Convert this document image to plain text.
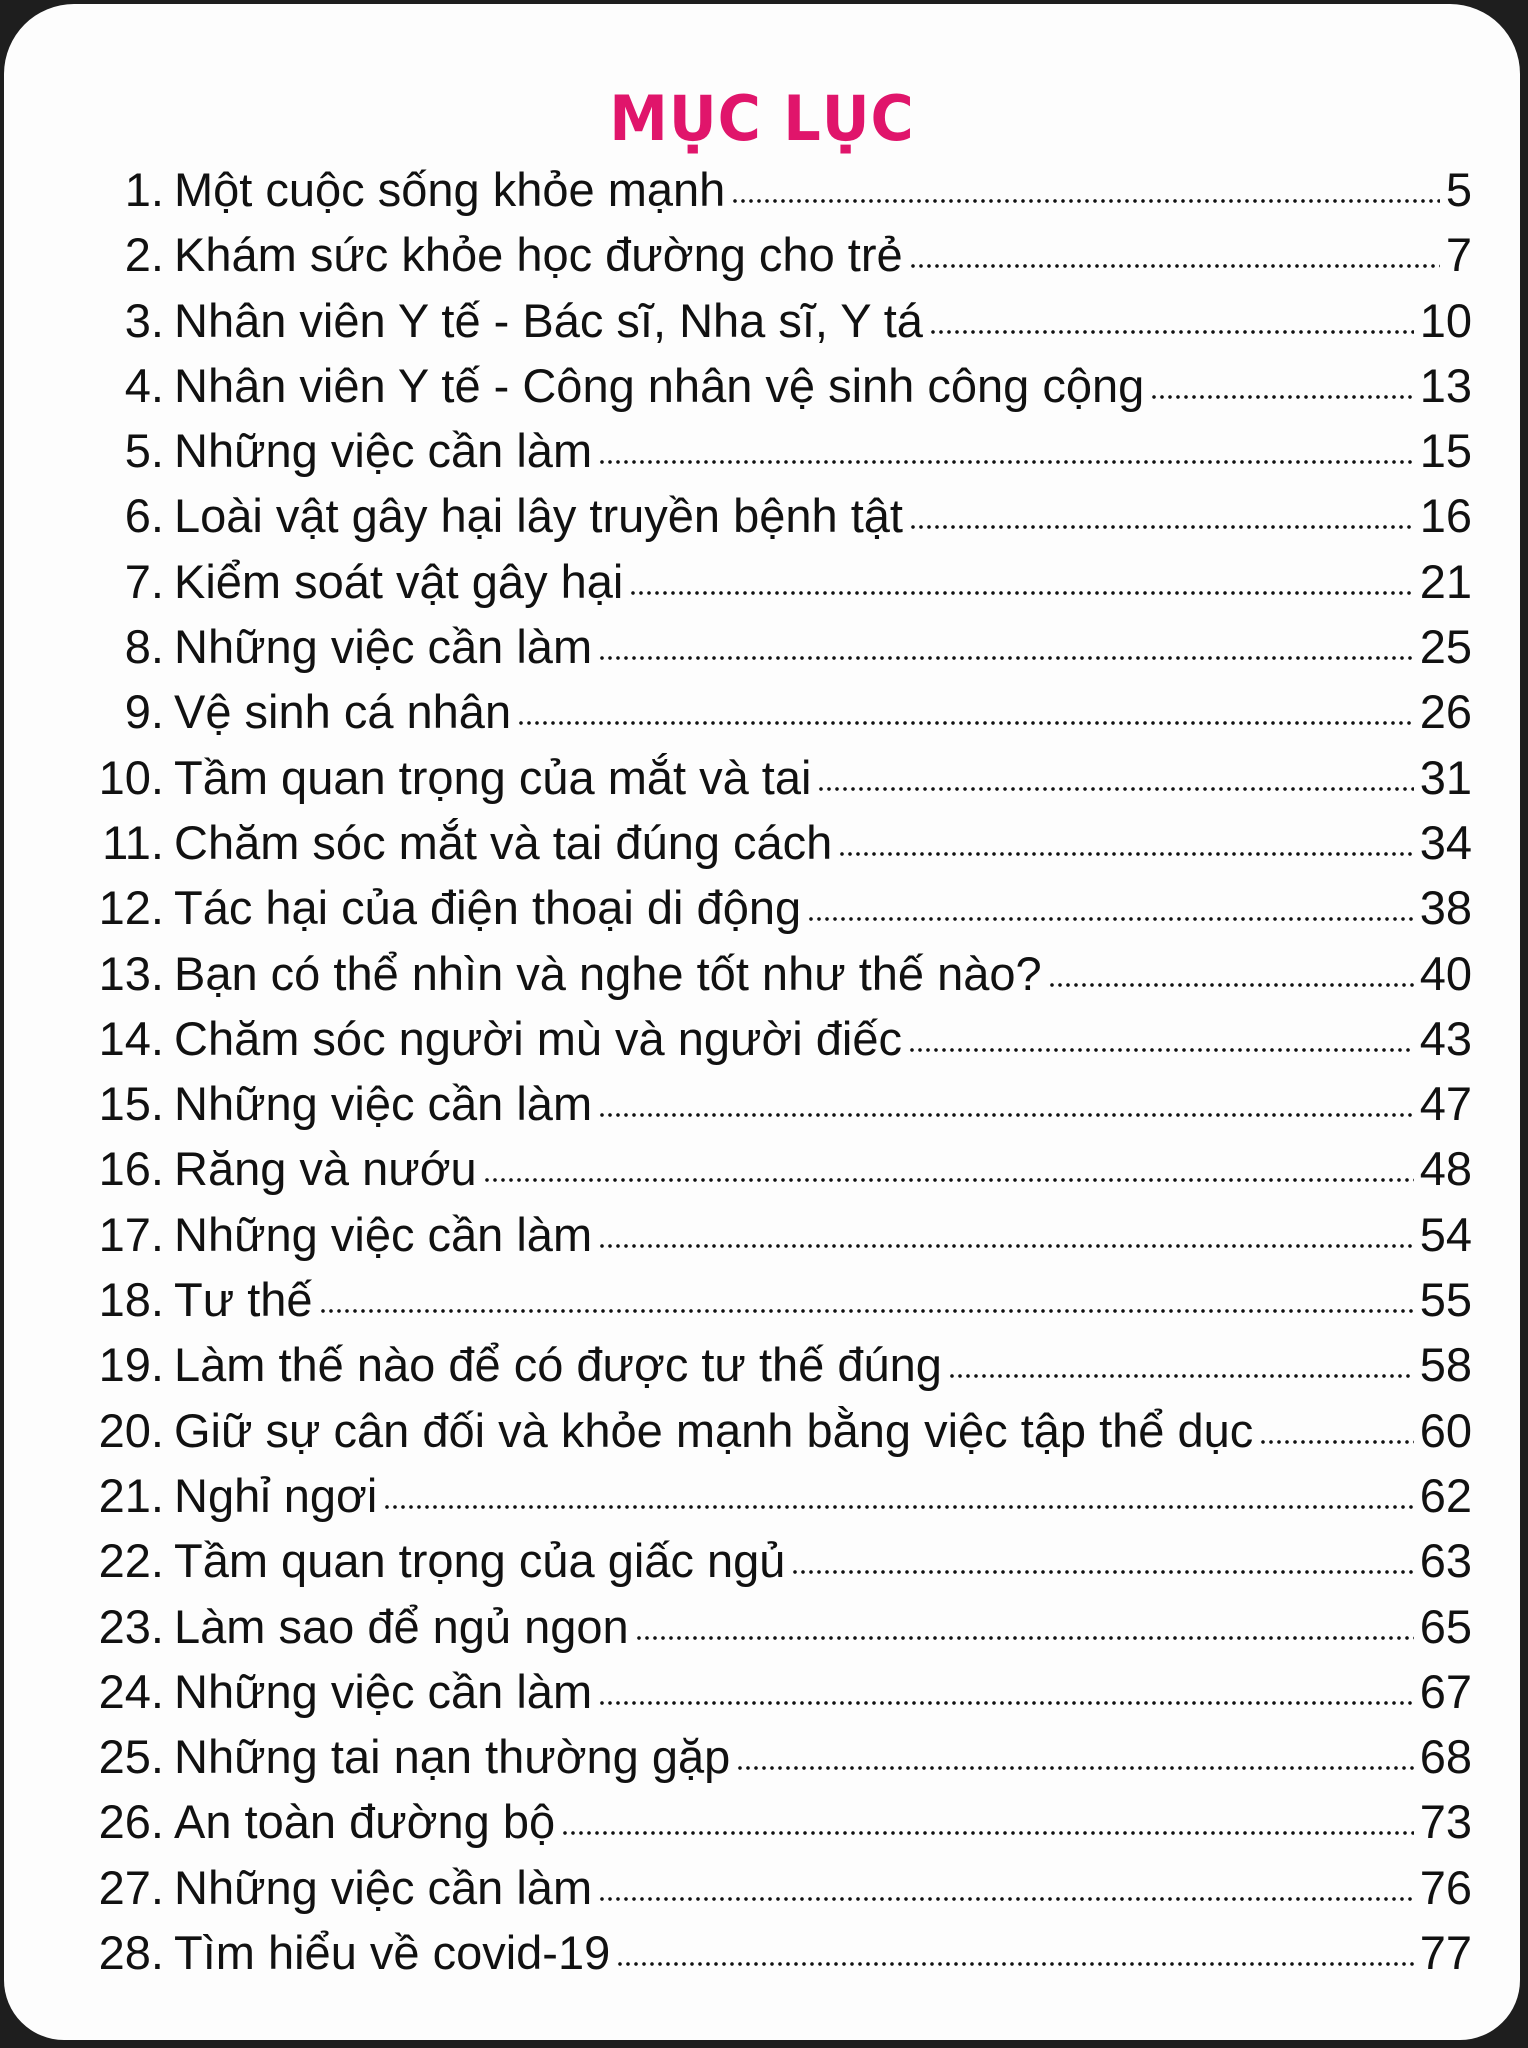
MỤC LỤC
1. Một cuộc sống khỏe mạnh	5
2. Khám sức khỏe học đường cho trẻ	7
3. Nhân viên Y tế - Bác sĩ, Nha sĩ, Y tá	10
4. Nhân viên Y tế - Công nhân vệ sinh công cộng	13
5. Những việc cần làm	15
6. Loài vật gây hại lây truyền bệnh tật	16
7. Kiểm soát vật gây hại	21
8. Những việc cần làm	25
9. Vệ sinh cá nhân	26
10. Tầm quan trọng của mắt và tai	31
11. Chăm sóc mắt và tai đúng cách	34
12. Tác hại của điện thoại di động	38
13. Bạn có thể nhìn và nghe tốt như thế nào?	40
14. Chăm sóc người mù và người điếc	43
15. Những việc cần làm	47
16. Răng và nướu	48
17. Những việc cần làm	54
18. Tư thế	55
19. Làm thế nào để có được tư thế đúng	58
20. Giữ sự cân đối và khỏe mạnh bằng việc tập thể dục	60
21. Nghỉ ngơi	62
22. Tầm quan trọng của giấc ngủ	63
23. Làm sao để ngủ ngon	65
24. Những việc cần làm	67
25. Những tai nạn thường gặp	68
26. An toàn đường bộ	73
27. Những việc cần làm	76
28. Tìm hiểu về covid-19	77
